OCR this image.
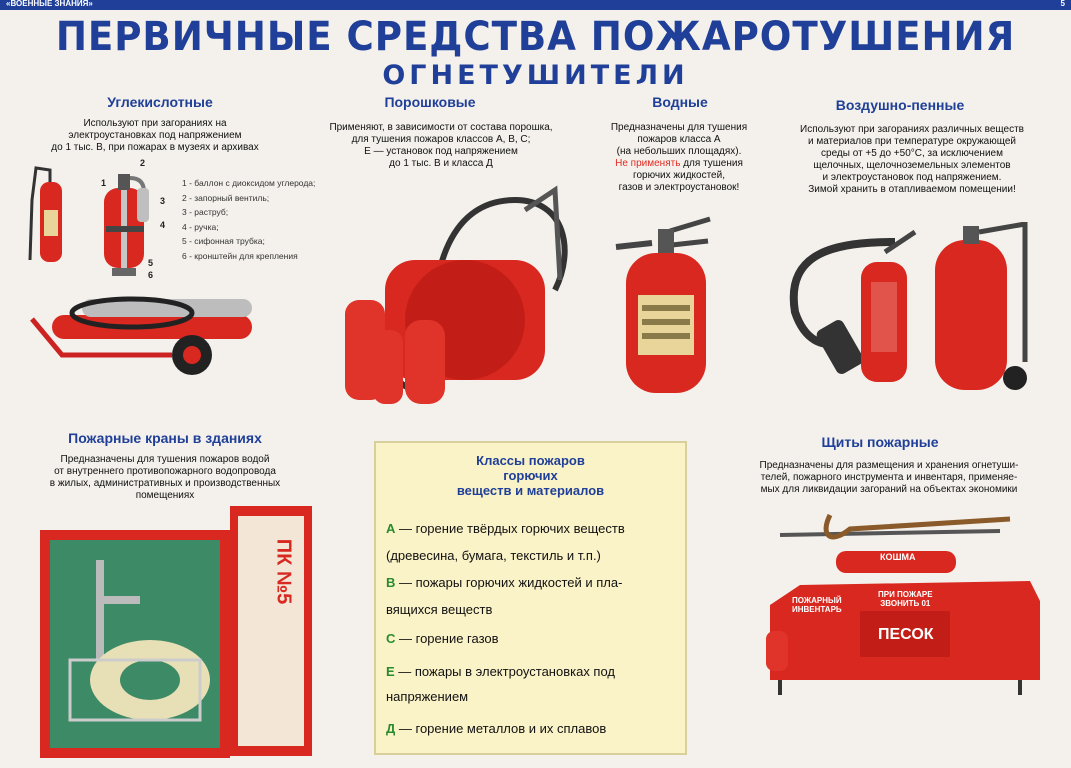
«ВОЕННЫЕ ЗНАНИЯ»	5
ПЕРВИЧНЫЕ СРЕДСТВА ПОЖАРОТУШЕНИЯ
ОГНЕТУШИТЕЛИ
Углекислотные
Используют при загораниях на
электроустановках под напряжением
до 1 тыс. В, при пожарах в музеях и архивах
1
2
3
4
5
6
1 - баллон с диоксидом углерода;
2 - запорный вентиль;
3 - раструб;
4 - ручка;
5 - сифонная трубка;
6 - кронштейн для крепления
Порошковые
Применяют, в зависимости от состава порошка,
для тушения пожаров классов А, В, С;
Е — установок под напряжением
до 1 тыс. В и класса Д
Водные
Предназначены для тушения
пожаров класса А
(на небольших площадях).
Не применять для тушения
горючих жидкостей,
газов и электроустановок!
Воздушно-пенные
Используют при загораниях различных веществ
и материалов при температуре окружающей
среды от +5 до +50°С, за исключением
щелочных, щелочноземельных элементов
и электроустановок под напряжением.
Зимой хранить в отапливаемом помещении!
Пожарные краны в зданиях
Предназначены для тушения пожаров водой
от внутреннего противопожарного водопровода
в жилых, административных и производственных
помещениях
ПК №5
Классы пожаров
горючих
веществ и материалов
А — горение твёрдых горючих веществ
(древесина, бумага, текстиль и т.п.)
В — пожары горючих жидкостей и пла-
вящихся веществ
С — горение газов
Е — пожары в электроустановках под
напряжением
Д — горение металлов и их сплавов
Щиты пожарные
Предназначены для размещения и хранения огнетуши-
телей, пожарного инструмента и инвентаря, применяе-
мых для ликвидации загораний на объектах экономики
ПЕСОК
ПОЖАРНЫЙ
ИНВЕНТАРЬ
ПРИ ПОЖАРЕ
ЗВОНИТЬ 01
КОШМА
